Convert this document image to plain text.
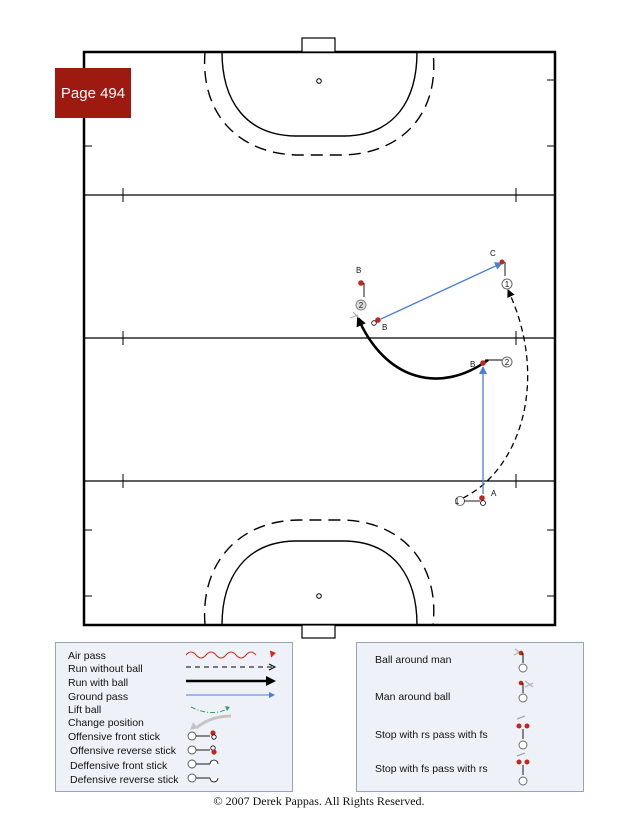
1
A
B	2
B
B
2
C
1
Page 494
Air pass
Run without ball
Run with ball
Ground pass
Lift ball
Change position
Offensive front stick
Offensive reverse stick
Deffensive front stick
Defensive reverse stick
Ball around man
Man around ball
Stop with rs pass with fs
Stop with fs pass with rs
© 2007 Derek Pappas. All Rights Reserved.
